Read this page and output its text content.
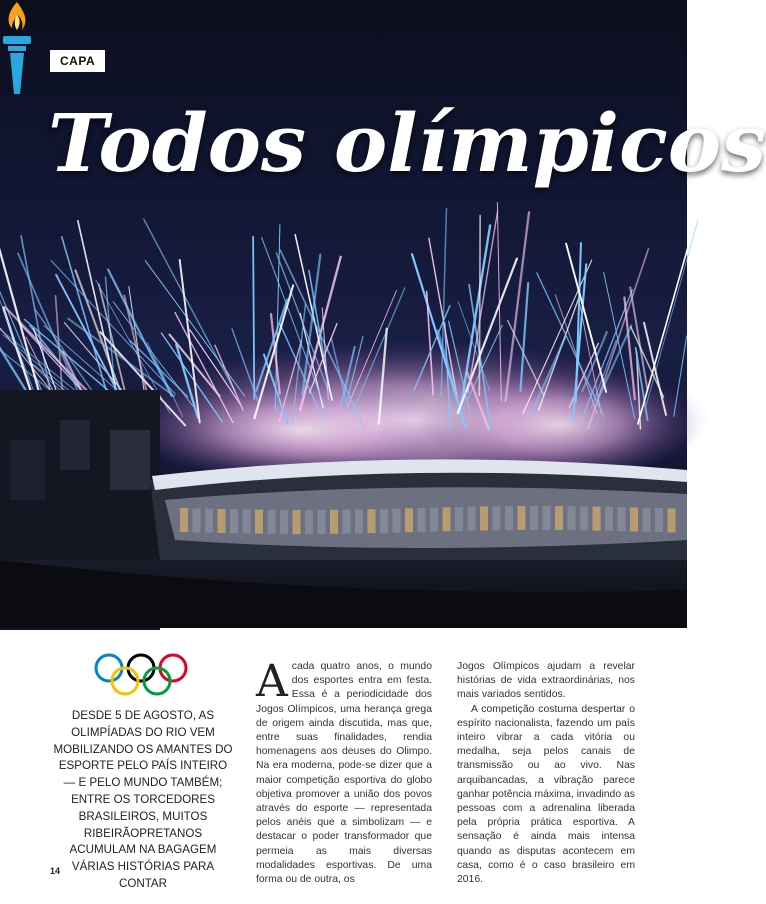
CAPA
Todos olímpicos

DESDE 5 DE AGOSTO, AS OLIMPÍADAS DO RIO VEM MOBILIZANDO OS AMANTES DO ESPORTE PELO PAÍS INTEIRO — E PELO MUNDO TAMBÉM; ENTRE OS TORCEDORES BRASILEIROS, MUITOS RIBEIRÃOPRETANOS ACUMULAM NA BAGAGEM VÁRIAS HISTÓRIAS PARA CONTAR

Acada quatro anos, o mundo dos esportes entra em festa. Essa é a periodicidade dos Jogos Olímpicos, uma herança grega de origem ainda discutida, mas que, entre suas finalidades, rendia homenagens aos deuses do Olimpo. Na era moderna, pode-se dizer que a maior competição esportiva do globo objetiva promover a união dos povos através do esporte — representada pelos anéis que a simbolizam — e destacar o poder transformador que permeia as mais diversas modalidades esportivas. De uma forma ou de outra, os
Jogos Olímpicos ajudam a revelar histórias de vida extraordinárias, nos mais variados sentidos.
A competição costuma despertar o espírito nacionalista, fazendo um país inteiro vibrar a cada vitória ou medalha, seja pelos canais de transmissão ou ao vivo. Nas arquibancadas, a vibração parece ganhar potência máxima, invadindo as pessoas com a adrenalina liberada pela própria prática esportiva. A sensação é ainda mais intensa quando as disputas acontecem em casa, como é o caso brasileiro em 2016.
14
